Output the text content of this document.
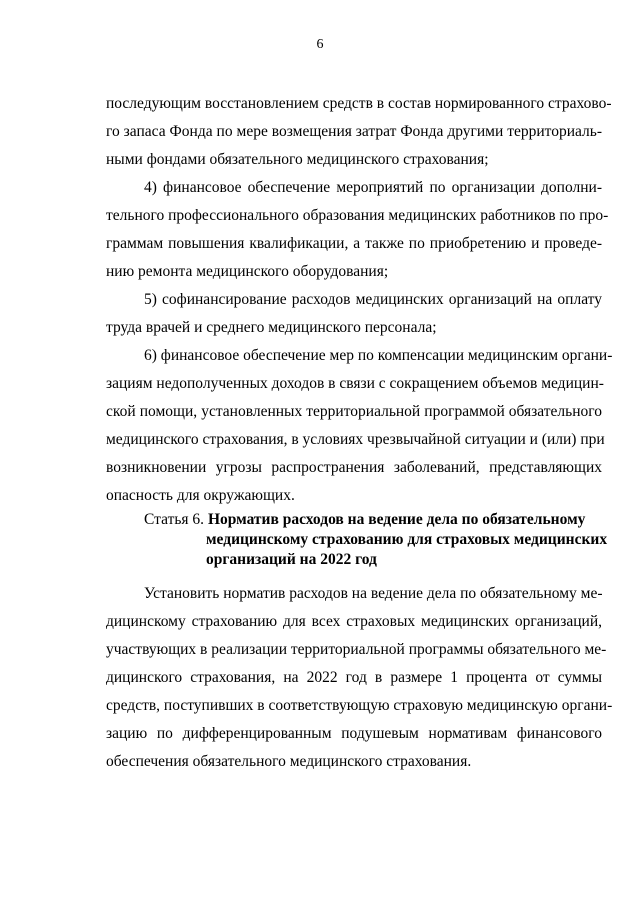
6
последующим восстановлением средств в состав нормированного страхово-
го запаса Фонда по мере возмещения затрат Фонда другими территориаль-
ными фондами обязательного медицинского страхования;
4) финансовое обеспечение мероприятий по организации дополни-
тельного профессионального образования медицинских работников по про-
граммам повышения квалификации, а также по приобретению и проведе-
нию ремонта медицинского оборудования;
5) софинансирование расходов медицинских организаций на оплату
труда врачей и среднего медицинского персонала;
6) финансовое обеспечение мер по компенсации медицинским органи-
зациям недополученных доходов в связи с сокращением объемов медицин-
ской помощи, установленных территориальной программой обязательного
медицинского страхования, в условиях чрезвычайной ситуации и (или) при
возникновении угрозы распространения заболеваний, представляющих
опасность для окружающих.
Статья 6. Норматив расходов на ведение дела по обязательному
медицинскому страхованию для страховых медицинских
организаций на 2022 год
Установить норматив расходов на ведение дела по обязательному ме-
дицинскому страхованию для всех страховых медицинских организаций,
участвующих в реализации территориальной программы обязательного ме-
дицинского страхования, на 2022 год в размере 1 процента от суммы
средств, поступивших в соответствующую страховую медицинскую органи-
зацию по дифференцированным подушевым нормативам финансового
обеспечения обязательного медицинского страхования.
